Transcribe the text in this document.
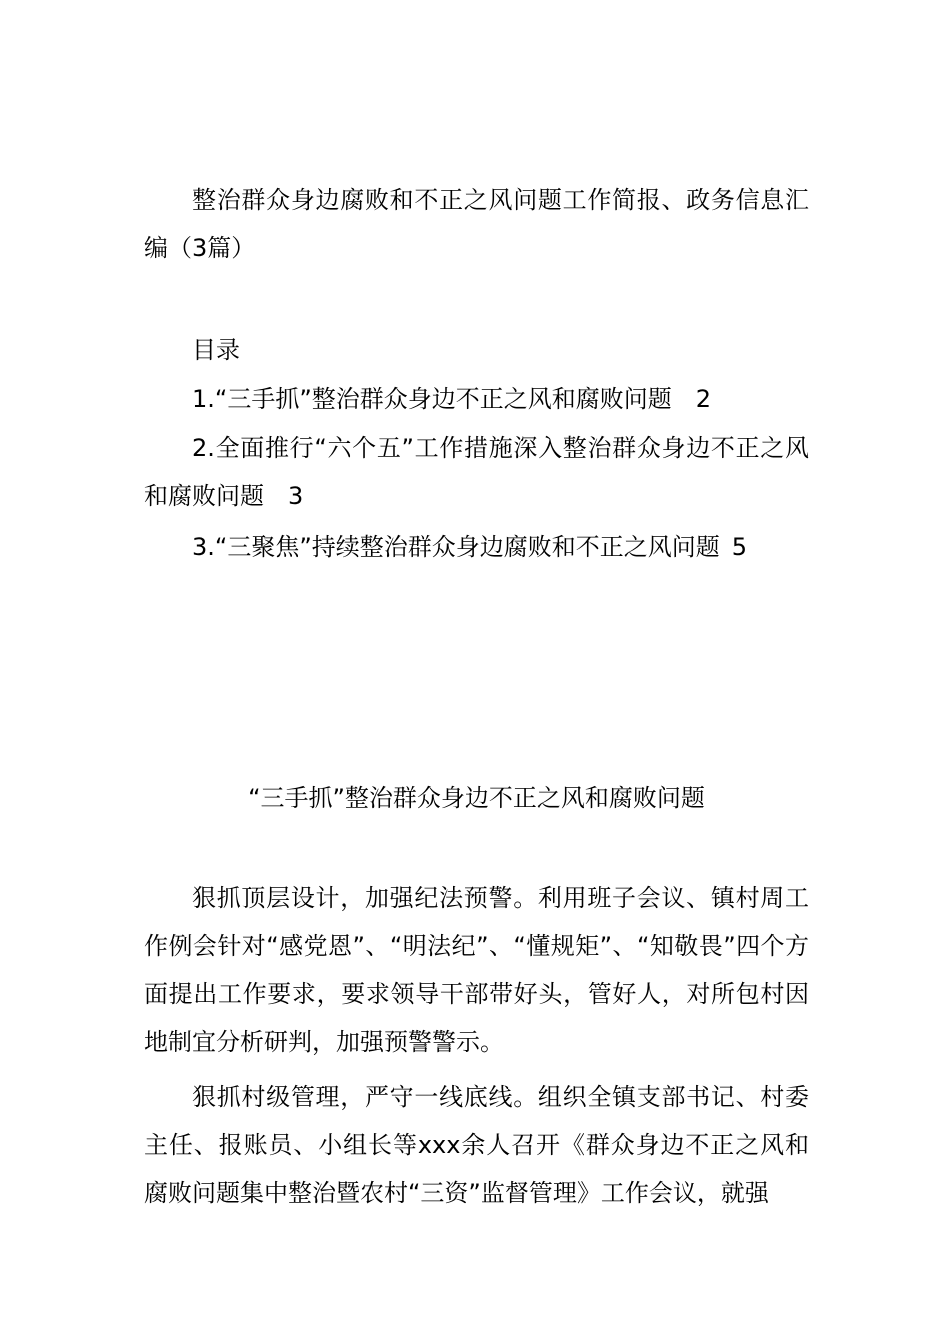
整治群众身边腐败和不正之风问题工作简报、政务信息汇编（3篇）

目录

1.“三手抓”整治群众身边不正之风和腐败问题 2

2.全面推行“六个五”工作措施深入整治群众身边不正之风和腐败问题 3

3.“三聚焦”持续整治群众身边腐败和不正之风问题 5

“三手抓”整治群众身边不正之风和腐败问题

狠抓顶层设计，加强纪法预警。利用班子会议、镇村周工作例会针对“感党恩”、“明法纪”、“懂规矩”、“知敬畏”四个方面提出工作要求，要求领导干部带好头，管好人，对所包村因地制宜分析研判，加强预警警示。

狠抓村级管理，严守一线底线。组织全镇支部书记、村委主任、报账员、小组长等xxx余人召开《群众身边不正之风和腐败问题集中整治暨农村“三资”监督管理》工作会议，就强
